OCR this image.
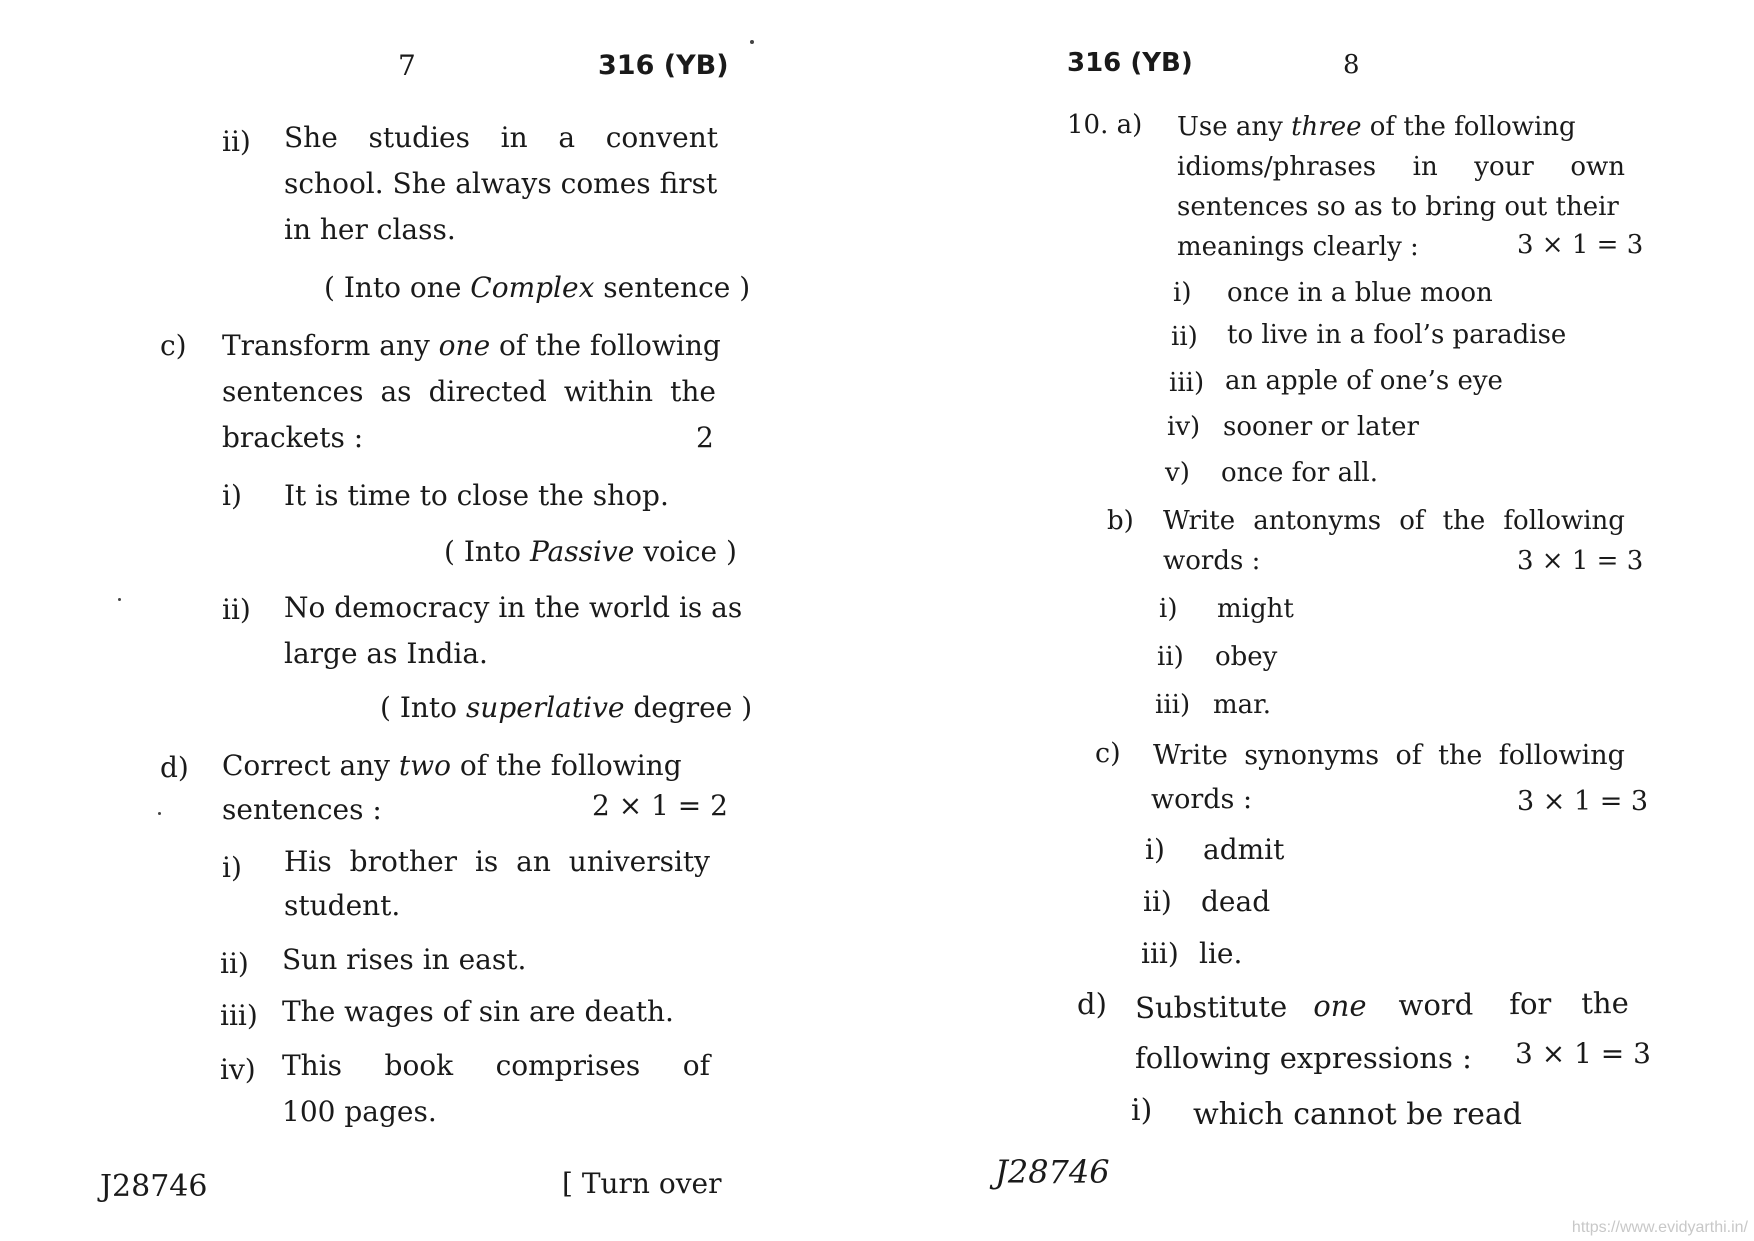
7	316 (YB)
ii) She studies in a convent
school. She always comes first
in her class.
( Into one Complex sentence )
c) Transform any one of the following
sentences as directed within the
brackets :	2
i) It is time to close the shop.
( Into Passive voice )
ii) No democracy in the world is as
large as India.
( Into superlative degree )
d) Correct any two of the following
sentences :	2 × 1 = 2
i) His brother is an university
student.
ii) Sun rises in east.
iii) The wages of sin are death.
iv) This book comprises of
100 pages.
J28746	[ Turn over
316 (YB)	8
10. a) Use any three of the following
idioms/phrases in your own
sentences so as to bring out their
meanings clearly :	3 × 1 = 3
i) once in a blue moon
ii) to live in a fool’s paradise
iii) an apple of one’s eye
iv) sooner or later
v) once for all.
b) Write antonyms of the following
words :	3 × 1 = 3
i) might
ii) obey
iii) mar.
c) Write synonyms of the following
words :	3 × 1 = 3
i) admit
ii) dead
iii) lie.
d) Substitute one word for the
following expressions : 3 × 1 = 3
i) which cannot be read
J28746
https://www.evidyarthi.in/
